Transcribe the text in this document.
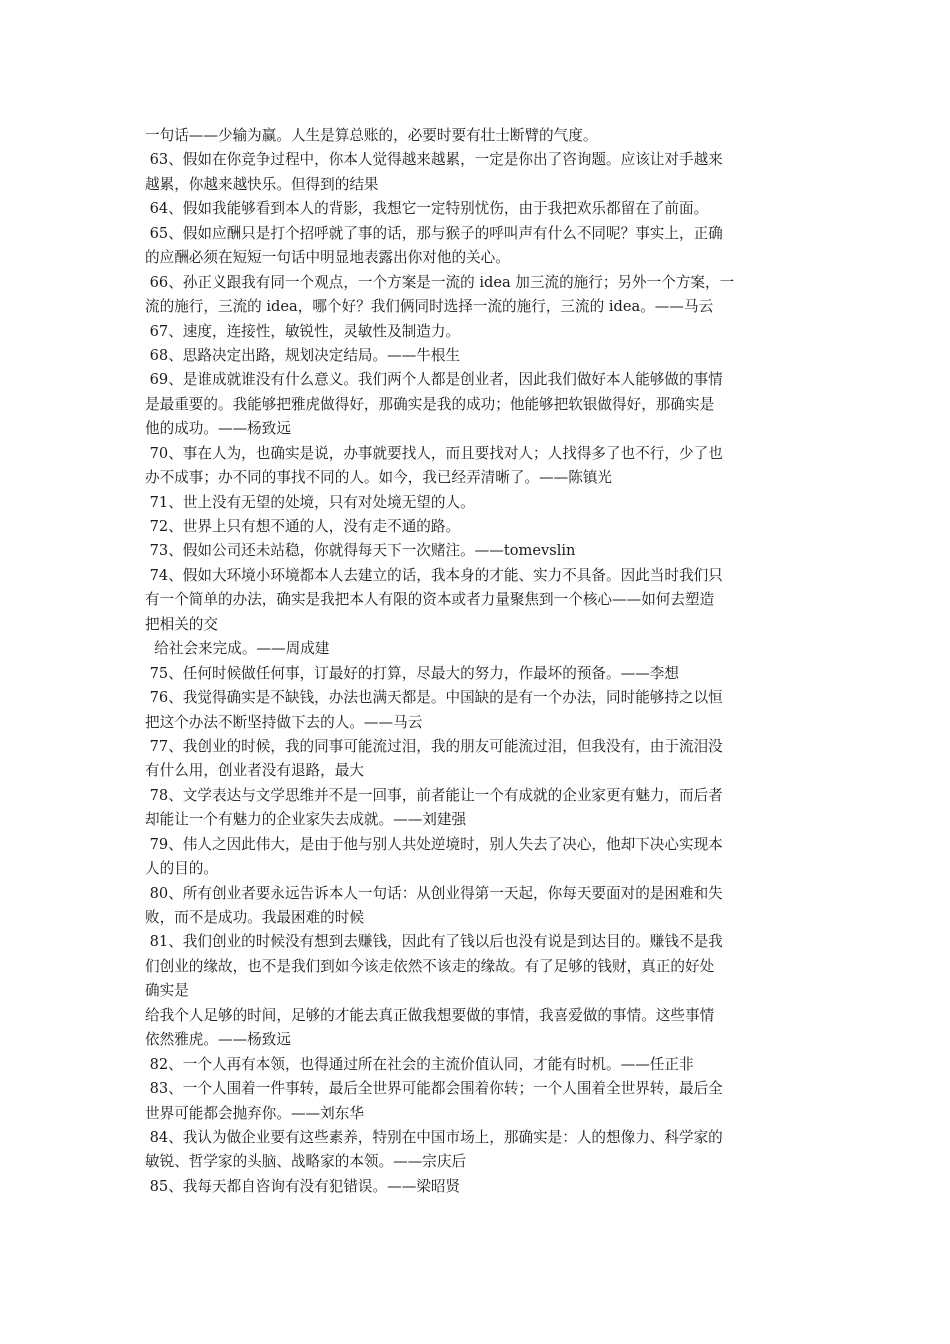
一句话——少输为赢。人生是算总账的，必要时要有壮士断臂的气度。
63、假如在你竞争过程中，你本人觉得越来越累，一定是你出了咨询题。应该让对手越来
越累，你越来越快乐。但得到的结果
64、假如我能够看到本人的背影，我想它一定特别忧伤，由于我把欢乐都留在了前面。
65、假如应酬只是打个招呼就了事的话，那与猴子的呼叫声有什么不同呢？事实上，正确
的应酬必须在短短一句话中明显地表露出你对他的关心。
66、孙正义跟我有同一个观点，一个方案是一流的 idea 加三流的施行；另外一个方案，一
流的施行，三流的 idea，哪个好？我们俩同时选择一流的施行，三流的 idea。——马云
67、速度，连接性，敏锐性，灵敏性及制造力。
68、思路决定出路，规划决定结局。——牛根生
69、是谁成就谁没有什么意义。我们两个人都是创业者，因此我们做好本人能够做的事情
是最重要的。我能够把雅虎做得好，那确实是我的成功；他能够把软银做得好，那确实是
他的成功。——杨致远
70、事在人为，也确实是说，办事就要找人，而且要找对人；人找得多了也不行，少了也
办不成事；办不同的事找不同的人。如今，我已经弄清晰了。——陈镇光
71、世上没有无望的处境，只有对处境无望的人。
72、世界上只有想不通的人，没有走不通的路。
73、假如公司还未站稳，你就得每天下一次赌注。——tomevslin
74、假如大环境小环境都本人去建立的话，我本身的才能、实力不具备。因此当时我们只
有一个简单的办法，确实是我把本人有限的资本或者力量聚焦到一个核心——如何去塑造
把相关的交
给社会来完成。——周成建
75、任何时候做任何事，订最好的打算，尽最大的努力，作最坏的预备。——李想
76、我觉得确实是不缺钱，办法也满天都是。中国缺的是有一个办法，同时能够持之以恒
把这个办法不断坚持做下去的人。——马云
77、我创业的时候，我的同事可能流过泪，我的朋友可能流过泪，但我没有，由于流泪没
有什么用，创业者没有退路，最大
78、文学表达与文学思维并不是一回事，前者能让一个有成就的企业家更有魅力，而后者
却能让一个有魅力的企业家失去成就。——刘建强
79、伟人之因此伟大，是由于他与别人共处逆境时，别人失去了决心，他却下决心实现本
人的目的。
80、所有创业者要永远告诉本人一句话：从创业得第一天起，你每天要面对的是困难和失
败，而不是成功。我最困难的时候
81、我们创业的时候没有想到去赚钱，因此有了钱以后也没有说是到达目的。赚钱不是我
们创业的缘故，也不是我们到如今该走依然不该走的缘故。有了足够的钱财，真正的好处
确实是
给我个人足够的时间，足够的才能去真正做我想要做的事情，我喜爱做的事情。这些事情
依然雅虎。——杨致远
82、一个人再有本领，也得通过所在社会的主流价值认同，才能有时机。——任正非
83、一个人围着一件事转，最后全世界可能都会围着你转；一个人围着全世界转，最后全
世界可能都会抛弃你。——刘东华
84、我认为做企业要有这些素养，特别在中国市场上，那确实是：人的想像力、科学家的
敏锐、哲学家的头脑、战略家的本领。——宗庆后
85、我每天都自咨询有没有犯错误。——梁昭贤
